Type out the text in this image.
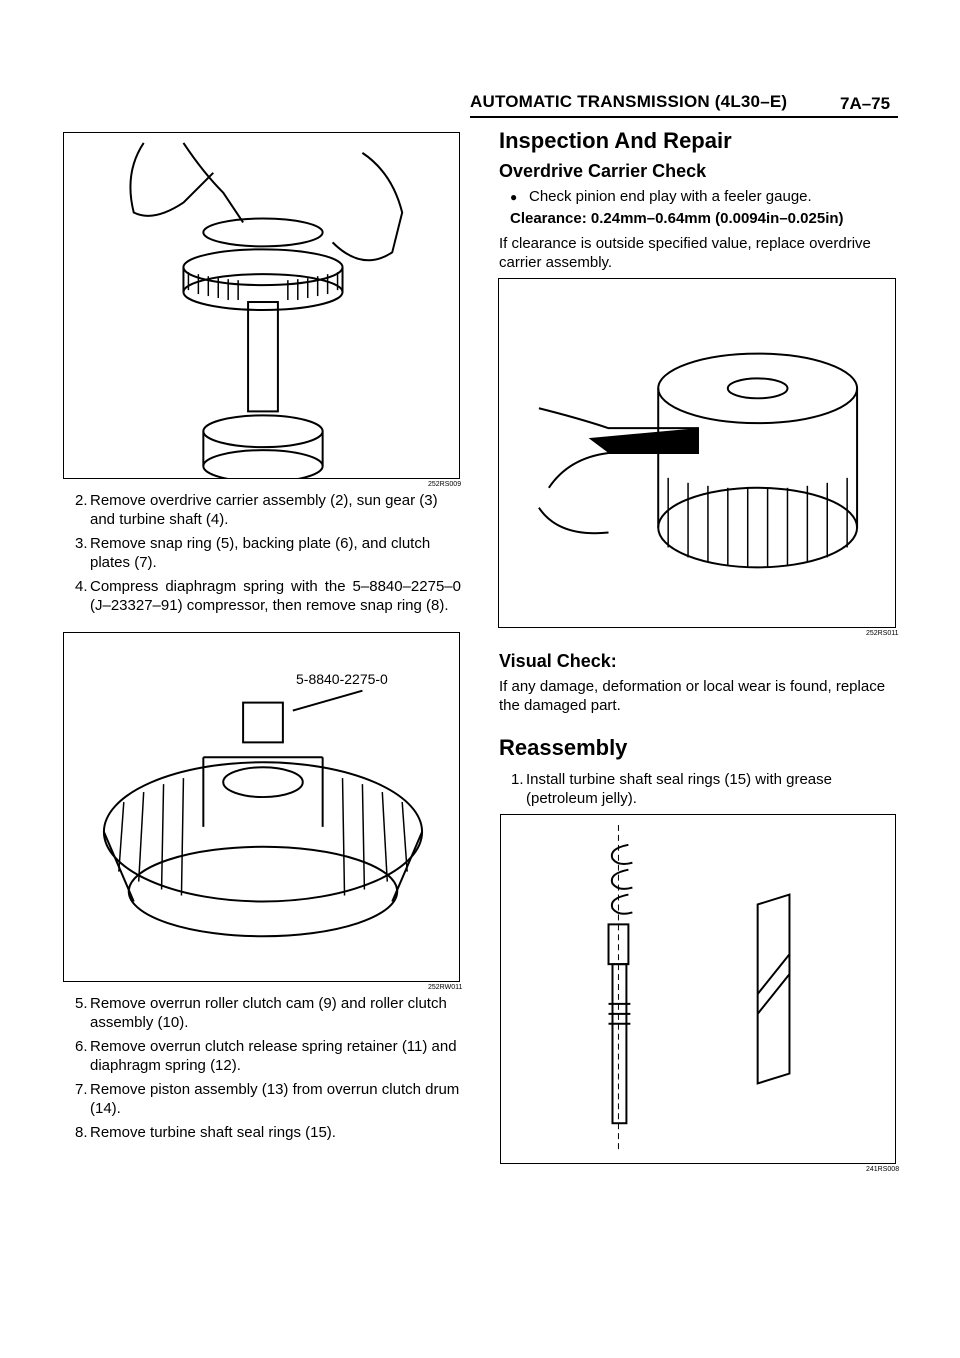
AUTOMATIC TRANSMISSION (4L30–E)	7A–75
252RS009
2. Remove overdrive carrier assembly (2), sun gear (3) and turbine shaft (4).
3. Remove snap ring (5), backing plate (6), and clutch plates (7).
4. Compress diaphragm spring with the 5–8840–2275–0 (J–23327–91) compressor, then remove snap ring (8).
5-8840-2275-0
252RW011
5. Remove overrun roller clutch cam (9) and roller clutch assembly (10).
6. Remove overrun clutch release spring retainer (11) and diaphragm spring (12).
7. Remove piston assembly (13) from overrun clutch drum (14).
8. Remove turbine shaft seal rings (15).
Inspection And Repair
Overdrive Carrier Check
● Check pinion end play with a feeler gauge.
Clearance: 0.24mm–0.64mm (0.0094in–0.025in)
If clearance is outside specified value, replace overdrive carrier assembly.
252RS011
Visual Check:
If any damage, deformation or local wear is found, replace the damaged part.
Reassembly
1. Install turbine shaft seal rings (15) with grease (petroleum jelly).
241RS008
